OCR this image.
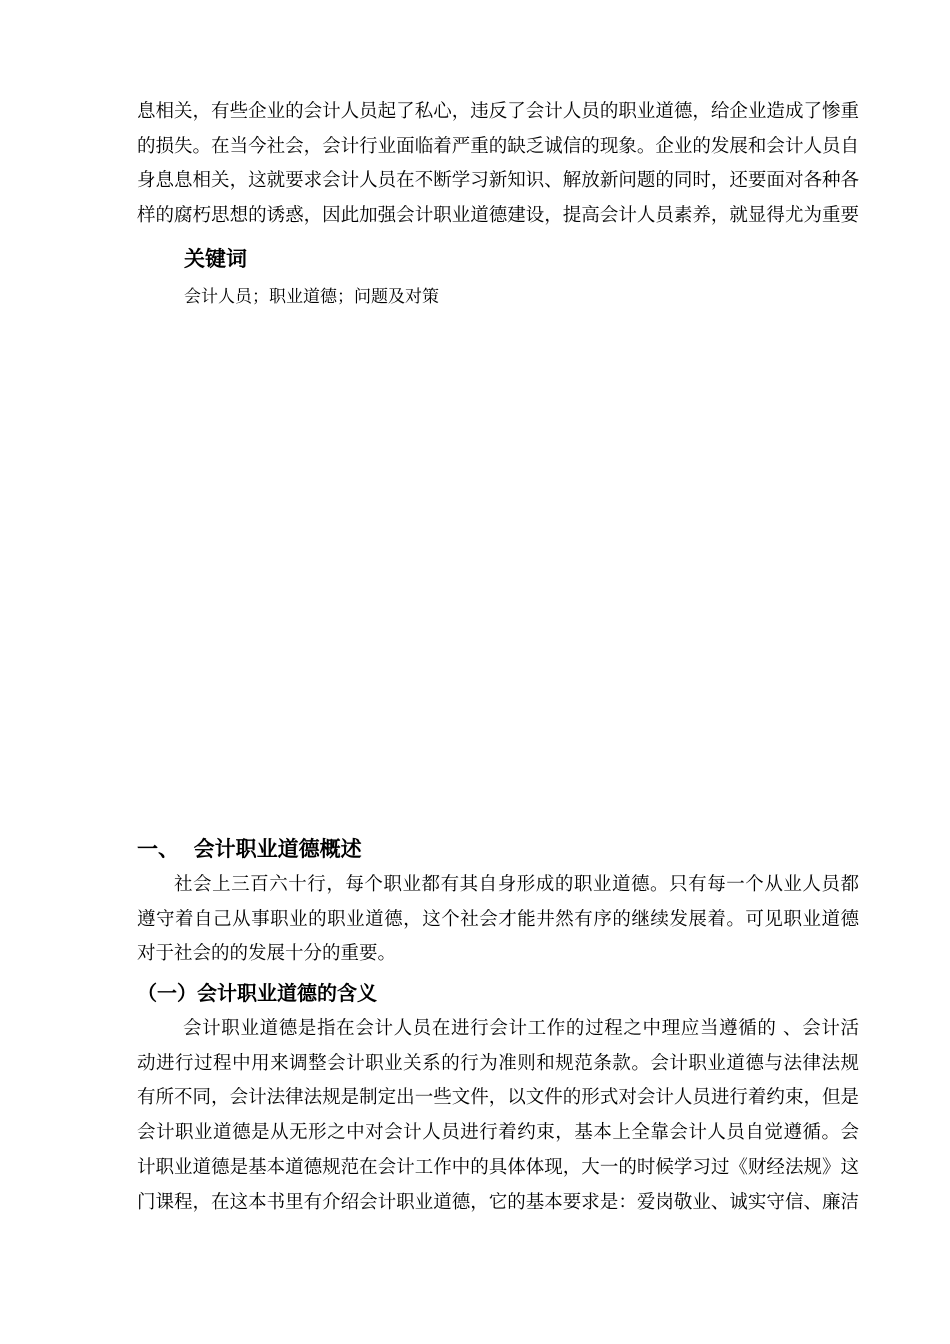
息相关，有些企业的会计人员起了私心，违反了会计人员的职业道德，给企业造成了惨重
的损失。在当今社会，会计行业面临着严重的缺乏诚信的现象。企业的发展和会计人员自
身息息相关，这就要求会计人员在不断学习新知识、解放新问题的同时，还要面对各种各
样的腐朽思想的诱惑，因此加强会计职业道德建设，提高会计人员素养，就显得尤为重要
关键词
会计人员；职业道德；问题及对策
一、  会计职业道德概述
社会上三百六十行，每个职业都有其自身形成的职业道德。只有每一个从业人员都
遵守着自己从事职业的职业道德，这个社会才能井然有序的继续发展着。可见职业道德
对于社会的的发展十分的重要。
（一）会计职业道德的含义
会计职业道德是指在会计人员在进行会计工作的过程之中理应当遵循的 、会计活
动进行过程中用来调整会计职业关系的行为准则和规范条款。会计职业道德与法律法规
有所不同，会计法律法规是制定出一些文件，以文件的形式对会计人员进行着约束，但是
会计职业道德是从无形之中对会计人员进行着约束，基本上全靠会计人员自觉遵循。会
计职业道德是基本道德规范在会计工作中的具体体现，大一的时候学习过《财经法规》这
门课程，在这本书里有介绍会计职业道德，它的基本要求是：爱岗敬业、诚实守信、廉洁
